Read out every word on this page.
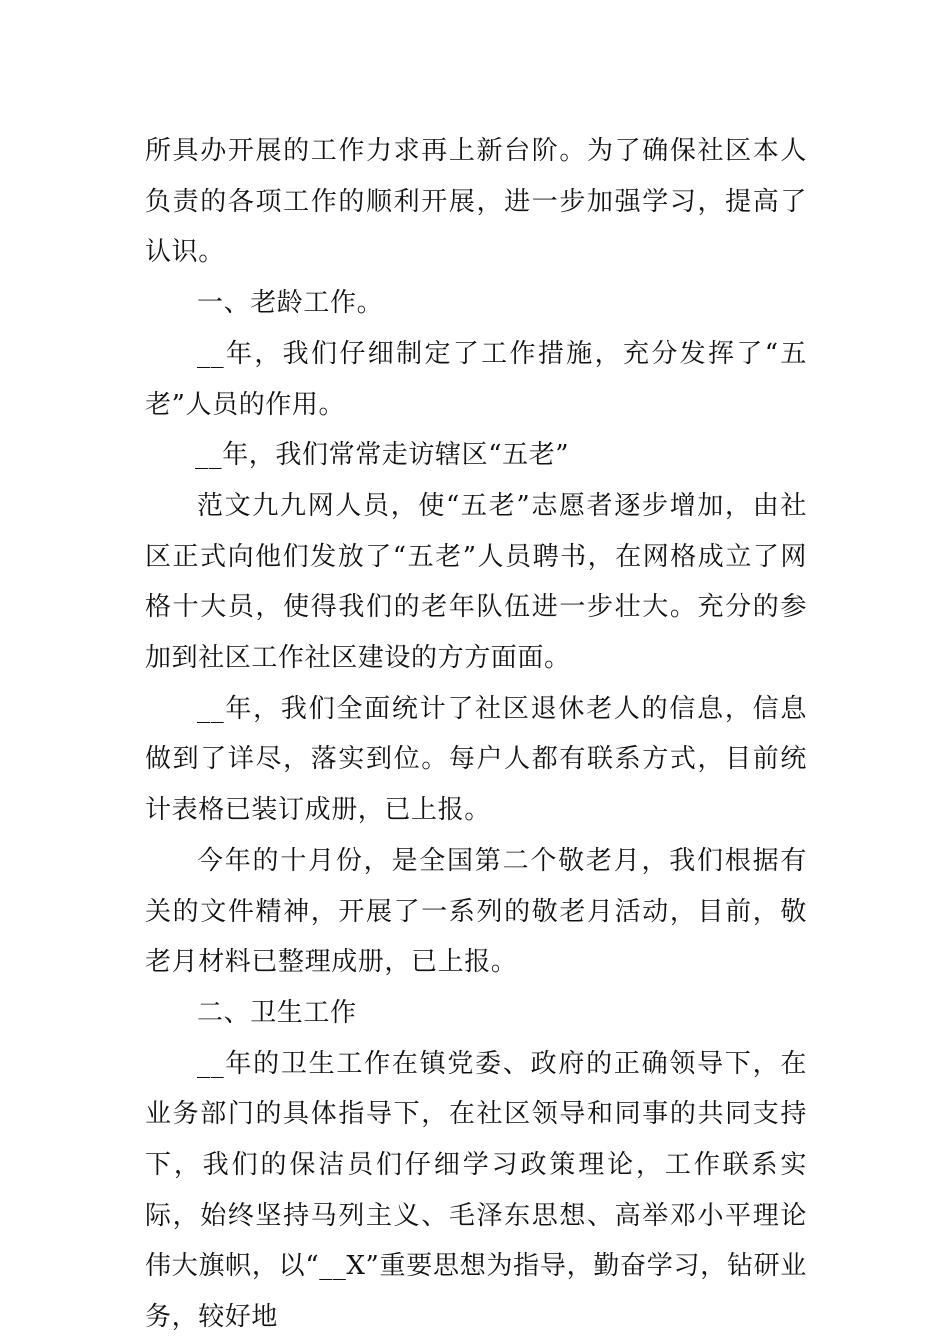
所具办开展的工作力求再上新台阶。为了确保社区本人负责的各项工作的顺利开展，进一步加强学习，提高了认识。

一、老龄工作。

__年，我们仔细制定了工作措施，充分发挥了“五老”人员的作用。

__年，我们常常走访辖区“五老”

范文九九网人员，使“五老”志愿者逐步增加，由社区正式向他们发放了“五老”人员聘书，在网格成立了网格十大员，使得我们的老年队伍进一步壮大。充分的参加到社区工作社区建设的方方面面。

__年，我们全面统计了社区退休老人的信息，信息做到了详尽，落实到位。每户人都有联系方式，目前统计表格已装订成册，已上报。

今年的十月份，是全国第二个敬老月，我们根据有关的文件精神，开展了一系列的敬老月活动，目前，敬老月材料已整理成册，已上报。

二、卫生工作

__年的卫生工作在镇党委、政府的正确领导下，在业务部门的具体指导下，在社区领导和同事的共同支持下，我们的保洁员们仔细学习政策理论，工作联系实际，始终坚持马列主义、毛泽东思想、高举邓小平理论伟大旗帜，以“__X”重要思想为指导，勤奋学习，钻研业务，较好地
